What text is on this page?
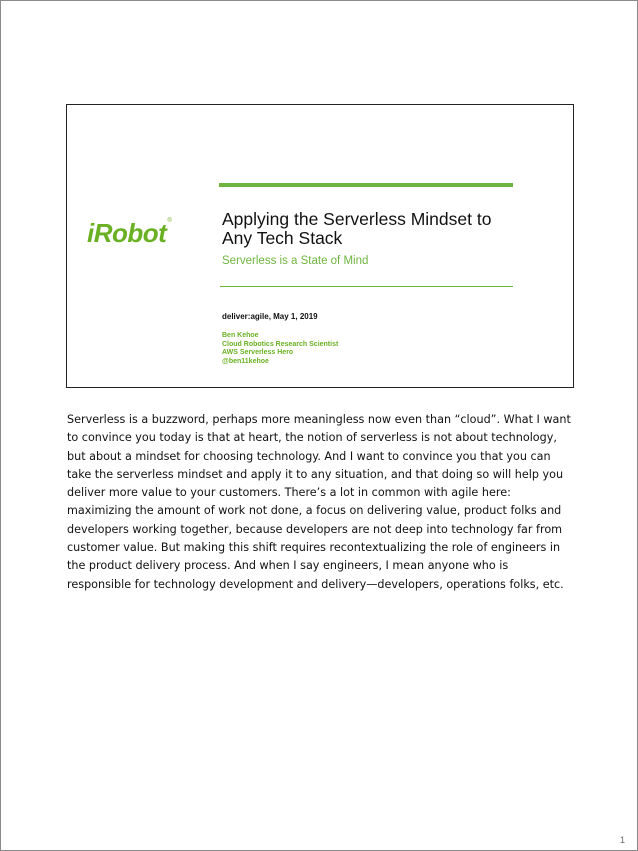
iRobot®	Applying the Serverless Mindset to Any Tech Stack
Serverless is a State of Mind
deliver:agile, May 1, 2019
Ben Kehoe
Cloud Robotics Research Scientist
AWS Serverless Hero
@ben11kehoe

Serverless is a buzzword, perhaps more meaningless now even than “cloud”. What I want to convince you today is that at heart, the notion of serverless is not about technology, but about a mindset for choosing technology. And I want to convince you that you can take the serverless mindset and apply it to any situation, and that doing so will help you deliver more value to your customers. There’s a lot in common with agile here: maximizing the amount of work not done, a focus on delivering value, product folks and developers working together, because developers are not deep into technology far from customer value. But making this shift requires recontextualizing the role of engineers in the product delivery process. And when I say engineers, I mean anyone who is responsible for technology development and delivery—developers, operations folks, etc.

1
